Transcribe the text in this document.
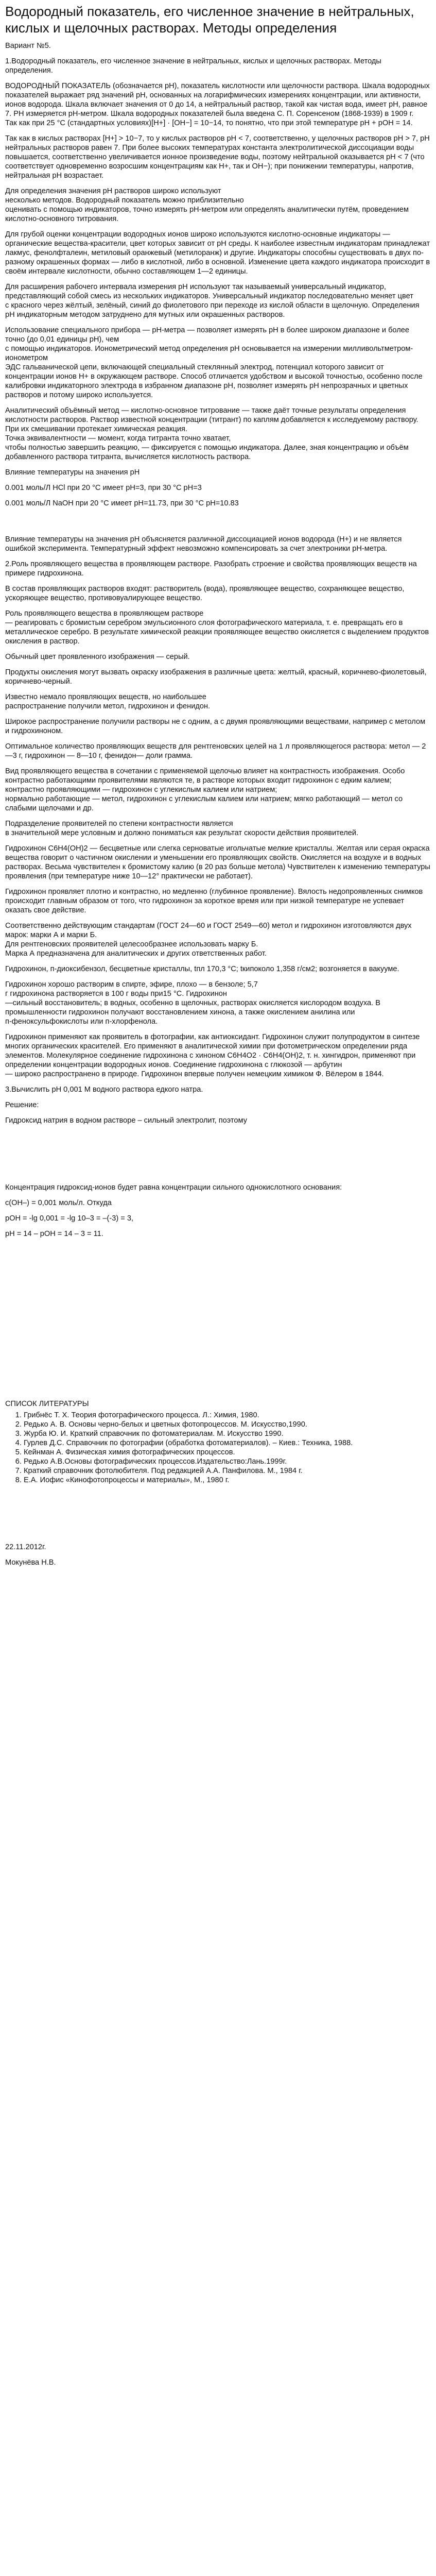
Водородный показатель, его численное значение в нейтральных, кислых и щелочных растворах. Методы определения

Вариант №5.

1.Водородный показатель, его численное значение в нейтральных, кислых и щелочных растворах. Методы определения.

ВОДОРОДНЫЙ ПОКАЗАТЕЛЬ (обозначается рН), показатель кислотности или щелочности раствора. Шкала водородных показателей выражает ряд значений рН, основанных на логарифмических измерениях концентрации, или активности, ионов водорода. Шкала включает значения от 0 до 14, а нейтральный раствор, такой как чистая вода, имеет рН, равное 7. РН измеряется рН-метром. Шкала водородных показателей была введена С. П. Соренсеном (1868-1939) в 1909 г.
Так как при 25 °С (стандартных условиях)[Н+] · [ОН−] = 10−14, то понятно, что при этой температуре рН + рОН = 14.

Так как в кислых растворах [Н+] > 10−7, то у кислых растворов рН < 7, соответственно, у щелочных растворов рН > 7, рН нейтральных растворов равен 7. При более высоких температурах константа электролитической диссоциации воды повышается, соответственно увеличивается ионное произведение воды, поэтому нейтральной оказывается рН < 7 (что соответствует одновременно возросшим концентрациям как Н+, так и ОН−); при понижении температуры, напротив, нейтральная рН возрастает.

Для определения значения рН растворов широко используют
несколько методов. Водородный показатель можно приблизительно
оценивать с помощью индикаторов, точно измерять pH-метром или определять аналитически путём, проведением кислотно-основного титрования.

Для грубой оценки концентрации водородных ионов широко используются кислотно-основные индикаторы — органические вещества-красители, цвет которых зависит от pH среды. К наиболее известным индикаторам принадлежат лакмус, фенолфталеин, метиловый оранжевый (метилоранж) и другие. Индикаторы способны существовать в двух по-разному окрашенных формах — либо в кислотной, либо в основной. Изменение цвета каждого индикатора происходит в своём интервале кислотности, обычно составляющем 1—2 единицы.

Для расширения рабочего интервала измерения pH используют так называемый универсальный индикатор, представляющий собой смесь из нескольких индикаторов. Универсальный индикатор последовательно меняет цвет
с красного через жёлтый, зелёный, синий до фиолетового при переходе из кислой области в щелочную. Определения pH индикаторным методом затруднено для мутных или окрашенных растворов.

Использование специального прибора — pH-метра — позволяет измерять pH в более широком диапазоне и более точно (до 0,01 единицы pH), чем
с помощью индикаторов. Ионометрический метод определения pH основывается на измерении милливольтметром-ионометром
ЭДС гальванической цепи, включающей специальный стеклянный электрод, потенциал которого зависит от концентрации ионов H+ в окружающем растворе. Способ отличается удобством и высокой точностью, особенно после калибровки индикаторного электрода в избранном диапазоне pH, позволяет измерять pH непрозрачных и цветных растворов и потому широко используется.

Аналитический объёмный метод — кислотно-основное титрование — также даёт точные результаты определения кислотности растворов. Раствор известной концентрации (титрант) по каплям добавляется к исследуемому раствору. При их смешивании протекает химическая реакция.
Точка эквивалентности — момент, когда титранта точно хватает,
чтобы полностью завершить реакцию, — фиксируется с помощью индикатора. Далее, зная концентрацию и объём добавленного раствора титранта, вычисляется кислотность раствора.

Влияние температуры на значения pH

0.001 моль/Л HCl при 20 °C имеет pH=3, при 30 °C pH=3

0.001 моль/Л NaOH при 20 °C имеет pH=11.73, при 30 °C pH=10.83

Влияние температуры на значения pH объясняется различной диссоциацией ионов водорода (H+) и не является ошибкой эксперимента. Температурный эффект невозможно компенсировать за счет электроники pH-метра.

2.Роль проявляющего вещества в проявляющем растворе. Разобрать строение и свойства проявляющих веществ на примере гидрохинона.

В состав проявляющих растворов входят: растворитель (вода), проявляющее вещество, сохраняющее вещество, ускоряющее вещество, противовуалирующее вещество.

Роль проявляющего вещества в проявляющем растворе
— реагировать с бромистым серебром эмульсионного слоя фотографического материала, т. е. превращать его в металлическое серебро. В результате химической реакции проявляющее вещество окисляется с выделением продуктов окисления в раствор.

Обычный цвет проявленного изображения — серый.

Продукты окисления могут вызвать окраску изображения в различные цвета: желтый, красный, коричнево-фиолетовый, коричнево-черный.

Известно немало проявляющих веществ, но наибольшее
распространение получили метол, гидрохинон и фенидон.

Широкое распространение получили растворы не с одним, а с двумя проявляющими веществами, например с метолом и гидрохиноном.

Оптимальное количество проявляющих веществ для рентгеновских целей на 1 л проявляющегося раствора: метол — 2—3 г, гидрохинон — 8—10 г, фенидон— доли грамма.

Вид проявляющего вещества в сочетании с применяемой щелочью влияет на контрастность изображения. Особо контрастно работающими проявителями являются те, в растворе которых входит гидрохинон с едким калием; контрастно проявляющими — гидрохинон с углекислым калием или натрием;
нормально работающие — метол, гидрохинон с углекислым калием или натрием; мягко работающий — метол со слабыми щелочами и др.

Подразделение проявителей по степени контрастности является
в значительной мере условным и должно пониматься как результат скорости действия проявителей.

Гидрохинон C6H4(OH)2 — бесцветные или слегка серноватые игольчатые мелкие кристаллы. Желтая или серая окраска вещества говорит о частичном окислении и уменьшении его проявляющих свойств. Окисляется на воздухе и в водных растворах. Весьма чувствителен к бромистому калию (в 20 раз больше метола) Чувствителен к изменению температуры проявления (при температуре ниже 10—12° практически не работает).

Гидрохинон проявляет плотно и контрастно, но медленно (глубинное проявление). Вялость недопроявленных снимков происходит главным образом от того, что гидрохинон за короткое время или при низкой температуре не успевает оказать свое действие.

Соответственно действующим стандартам (ГОСТ 24—60 и ГОСТ 2549—60) метол и гидрохинон изготовляются двух марок: марки А и марки Б.
Для рентгеновских проявителей целесообразнее использовать марку Б.
Марка А предназначена для аналитических и других ответственных работ.

Гидрохинон, п-диоксибензол, бесцветные кристаллы, tпл 170,3 °C; tкипоколо 1,358 г/см2; возгоняется в вакууме.

Гидрохинон хорошо растворим в спирте, эфире, плохо — в бензоле; 5,7
г гидрохинона растворяется в 100 г воды при15 °C. Гидрохинон
—сильный восстановитель; в водных, особенно в щелочных, растворах окисляется кислородом воздуха. В промышленности гидрохинон получают восстановлением хинона, а также окислением анилина или
п-феноксульфокислоты или п-хлорфенола.

Гидрохинон применяют как проявитель в фотографии, как антиоксидант. Гидрохинон служит полупродуктом в синтезе многих органических красителей. Его применяют в аналитической химии при фотометрическом определении ряда элементов. Молекулярное соединение гидрохинона с хиноном C6H4O2 · C6H4(OH)2, т. н. хингидрон, применяют при определении концентрации водородных ионов. Соединение гидрохинона с глюкозой — арбутин
— широко распространено в природе. Гидрохинон впервые получен немецким химиком Ф. Вёлером в 1844.

3.Вычислить pH 0,001 М водного раствора едкого натра.

Решение:

Гидроксид натрия в водном растворе – сильный электролит, поэтому

Концентрация гидроксид-ионов будет равна концентрации сильного однокислотного основания:

c(OH–) = 0,001 моль/л. Откуда

pOH = -lg 0,001 = -lg 10–3 = –(-3) = 3,

pH = 14 – pOH = 14 – 3 = 11.

СПИСОК ЛИТЕРАТУРЫ

1. Грибнёс Т. Х. Теория фотографического процесса. Л.: Химия, 1980.
2. Редько А. В. Основы черно-белых и цветных фотопроцессов. М. Искусство,1990.
3. Журба Ю. И. Краткий справочник по фотоматериалам. М. Искусство 1990.
4. Гурлев Д.С. Справочник по фотографии (обработка фотоматериалов). – Киев.: Техника, 1988.
5. Кейнман А. Физическая химия фотографических процессов.
6. Редько А.В.Основы фотографических процессов.Издательство:Лань.1999г.
7. Краткий справочник фотолюбителя. Под редакцией А.А. Панфилова. М., 1984 г.
8. Е.А. Иофис «Кинофотопроцессы и материалы», М., 1980 г.

22.11.2012г.

Мокунёва Н.В.
